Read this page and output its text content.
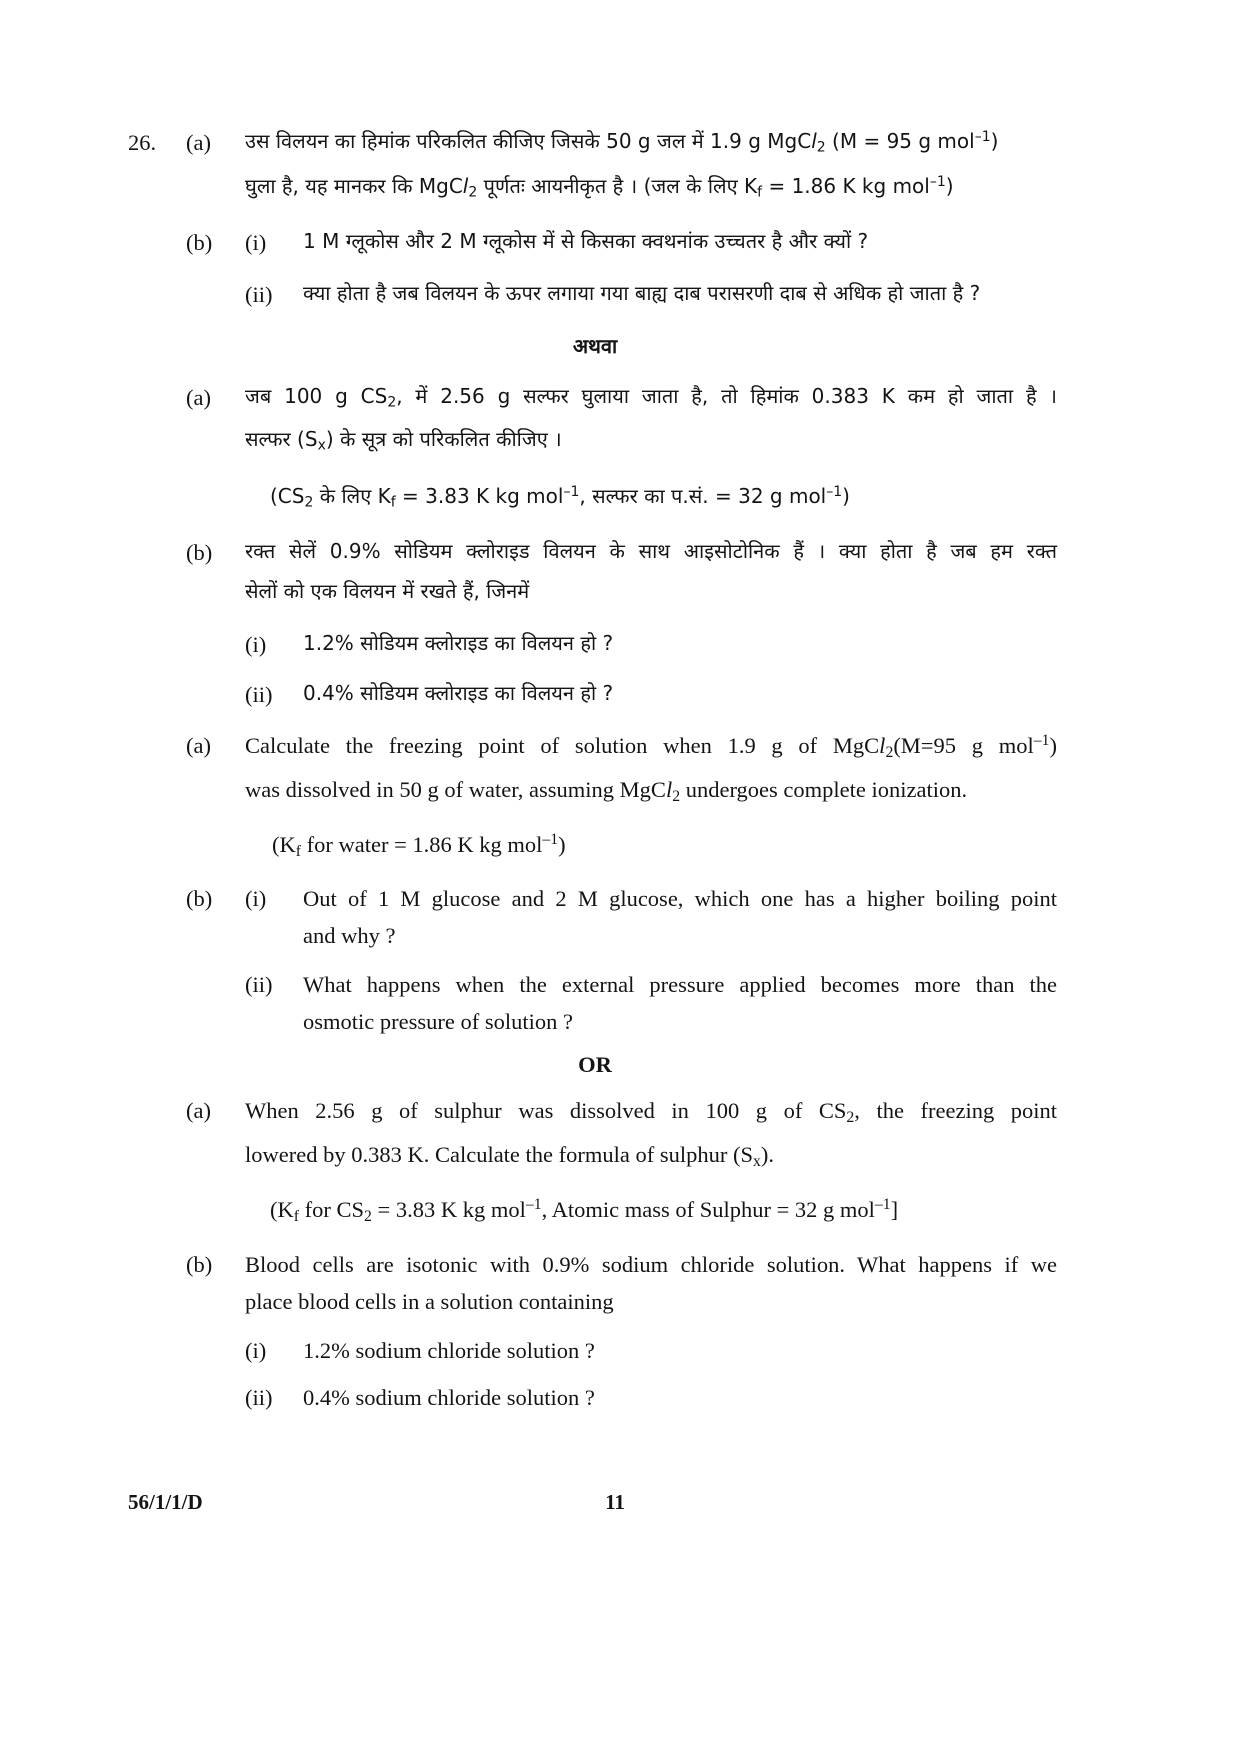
26. (a) उस विलयन का हिमांक परिकलित कीजिए जिसके 50 g जल में 1.9 g MgCl$_2$ (M = 95 g mol$^{-1}$)
घुला है, यह मानकर कि MgCl$_2$ पूर्णतः आयनीकृत है । (जल के लिए $K_f = 1.86$ K kg mol$^{-1}$)
(b) (i) 1 M ग्लूकोस और 2 M ग्लूकोस में से किसका क्वथनांक उच्चतर है और क्यों ?
(ii) क्या होता है जब विलयन के ऊपर लगाया गया बाह्य दाब परासरणी दाब से अधिक हो जाता है ?
अथवा
(a) जब 100 g $CS_2$, में 2.56 g सल्फर घुलाया जाता है, तो हिमांक 0.383 K कम हो जाता है ।
सल्फर $(S_x)$ के सूत्र को परिकलित कीजिए ।
($CS_2$ के लिए $K_f = 3.83$ K kg mol$^{-1}$, सल्फर का प.सं. = 32 g mol$^{-1}$)
(b) रक्त सेलें 0.9% सोडियम क्लोराइड विलयन के साथ आइसोटोनिक हैं । क्या होता है जब हम रक्त
सेलों को एक विलयन में रखते हैं, जिनमें
(i) 1.2% सोडियम क्लोराइड का विलयन हो ?
(ii) 0.4% सोडियम क्लोराइड का विलयन हो ?
(a) Calculate the freezing point of solution when 1.9 g of MgCl$_2$(M=95 g mol$^{-1}$)
was dissolved in 50 g of water, assuming MgCl$_2$ undergoes complete ionization.
($K_f$ for water = 1.86 K kg mol$^{-1}$)
(b) (i) Out of 1 M glucose and 2 M glucose, which one has a higher boiling point
and why ?
(ii) What happens when the external pressure applied becomes more than the
osmotic pressure of solution ?
OR
(a) When 2.56 g of sulphur was dissolved in 100 g of $CS_2$, the freezing point
lowered by 0.383 K. Calculate the formula of sulphur $(S_x)$.
($K_f$ for $CS_2 = 3.83$ K kg mol$^{-1}$, Atomic mass of Sulphur = 32 g mol$^{-1}$]
(b) Blood cells are isotonic with 0.9% sodium chloride solution. What happens if we
place blood cells in a solution containing
(i) 1.2% sodium chloride solution ?
(ii) 0.4% sodium chloride solution ?
56/1/1/D	11
